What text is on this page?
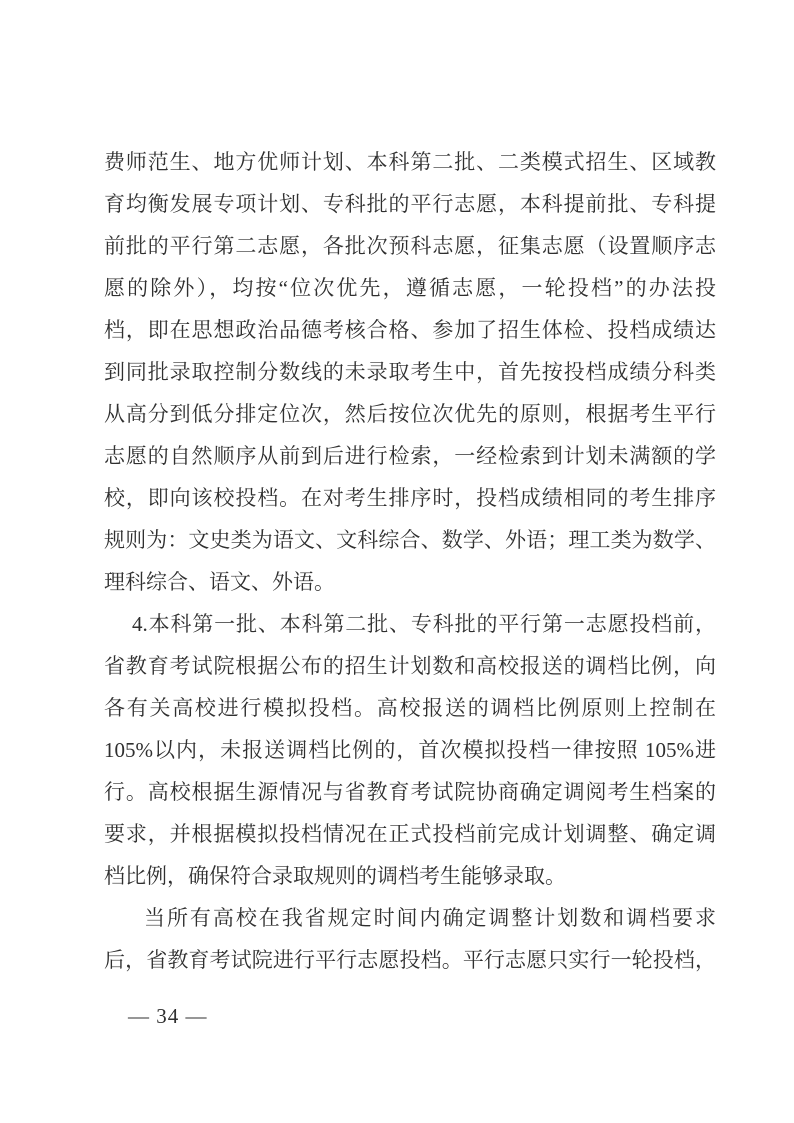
费师范生、地方优师计划、本科第二批、二类模式招生、区域教
育均衡发展专项计划、专科批的平行志愿，本科提前批、专科提
前批的平行第二志愿，各批次预科志愿，征集志愿（设置顺序志
愿的除外），均按“位次优先，遵循志愿，一轮投档”的办法投
档，即在思想政治品德考核合格、参加了招生体检、投档成绩达
到同批录取控制分数线的未录取考生中，首先按投档成绩分科类
从高分到低分排定位次，然后按位次优先的原则，根据考生平行
志愿的自然顺序从前到后进行检索，一经检索到计划未满额的学
校，即向该校投档。在对考生排序时，投档成绩相同的考生排序
规则为：文史类为语文、文科综合、数学、外语；理工类为数学、
理科综合、语文、外语。
4.本科第一批、本科第二批、专科批的平行第一志愿投档前，
省教育考试院根据公布的招生计划数和高校报送的调档比例，向
各有关高校进行模拟投档。高校报送的调档比例原则上控制在
105%以内，未报送调档比例的，首次模拟投档一律按照 105%进
行。高校根据生源情况与省教育考试院协商确定调阅考生档案的
要求，并根据模拟投档情况在正式投档前完成计划调整、确定调
档比例，确保符合录取规则的调档考生能够录取。
当所有高校在我省规定时间内确定调整计划数和调档要求
后，省教育考试院进行平行志愿投档。平行志愿只实行一轮投档，
— 34 —
